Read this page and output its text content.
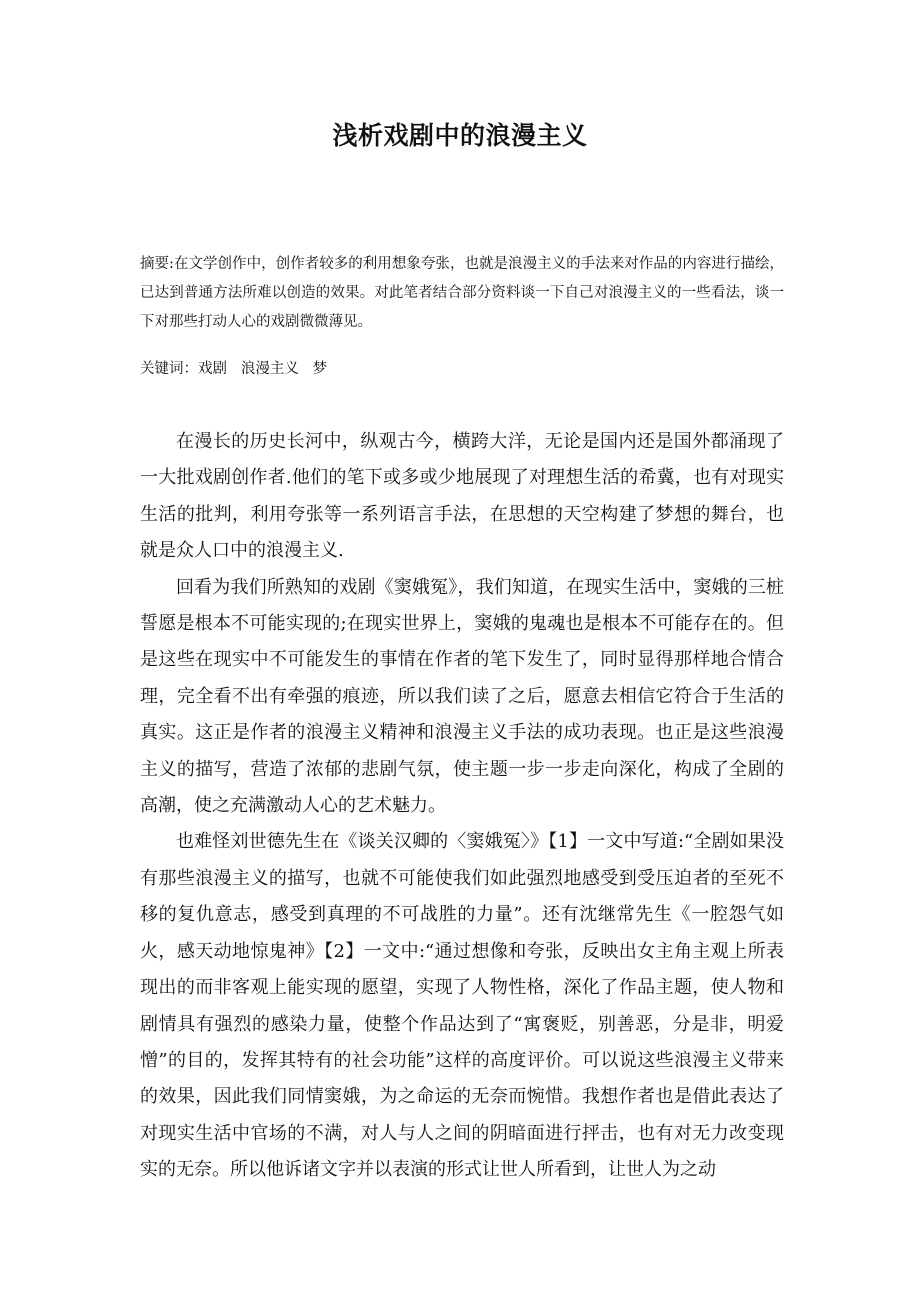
浅析戏剧中的浪漫主义

摘要:在文学创作中，创作者较多的利用想象夸张，也就是浪漫主义的手法来对作品的内容进行描绘，已达到普通方法所难以创造的效果。对此笔者结合部分资料谈一下自己对浪漫主义的一些看法，谈一下对那些打动人心的戏剧微微薄见。

关键词：戏剧   浪漫主义   梦

在漫长的历史长河中，纵观古今，横跨大洋，无论是国内还是国外都涌现了一大批戏剧创作者.他们的笔下或多或少地展现了对理想生活的希冀，也有对现实生活的批判，利用夸张等一系列语言手法，在思想的天空构建了梦想的舞台，也就是众人口中的浪漫主义.

回看为我们所熟知的戏剧《窦娥冤》，我们知道，在现实生活中，窦娥的三桩誓愿是根本不可能实现的;在现实世界上，窦娥的鬼魂也是根本不可能存在的。但是这些在现实中不可能发生的事情在作者的笔下发生了，同时显得那样地合情合理，完全看不出有牵强的痕迹，所以我们读了之后，愿意去相信它符合于生活的真实。这正是作者的浪漫主义精神和浪漫主义手法的成功表现。也正是这些浪漫主义的描写，营造了浓郁的悲剧气氛，使主题一步一步走向深化，构成了全剧的高潮，使之充满激动人心的艺术魅力。

也难怪刘世德先生在《谈关汉卿的〈窦娥冤〉》【1】一文中写道:“全剧如果没有那些浪漫主义的描写，也就不可能使我们如此强烈地感受到受压迫者的至死不移的复仇意志，感受到真理的不可战胜的力量”。还有沈继常先生《一腔怨气如火，感天动地惊鬼神》【2】一文中:“通过想像和夸张，反映出女主角主观上所表现出的而非客观上能实现的愿望，实现了人物性格，深化了作品主题，使人物和剧情具有强烈的感染力量，使整个作品达到了“寓褒贬，别善恶，分是非，明爱憎”的目的，发挥其特有的社会功能”这样的高度评价。可以说这些浪漫主义带来的效果，因此我们同情窦娥，为之命运的无奈而惋惜。我想作者也是借此表达了对现实生活中官场的不满，对人与人之间的阴暗面进行抨击，也有对无力改变现实的无奈。所以他诉诸文字并以表演的形式让世人所看到，让世人为之动
